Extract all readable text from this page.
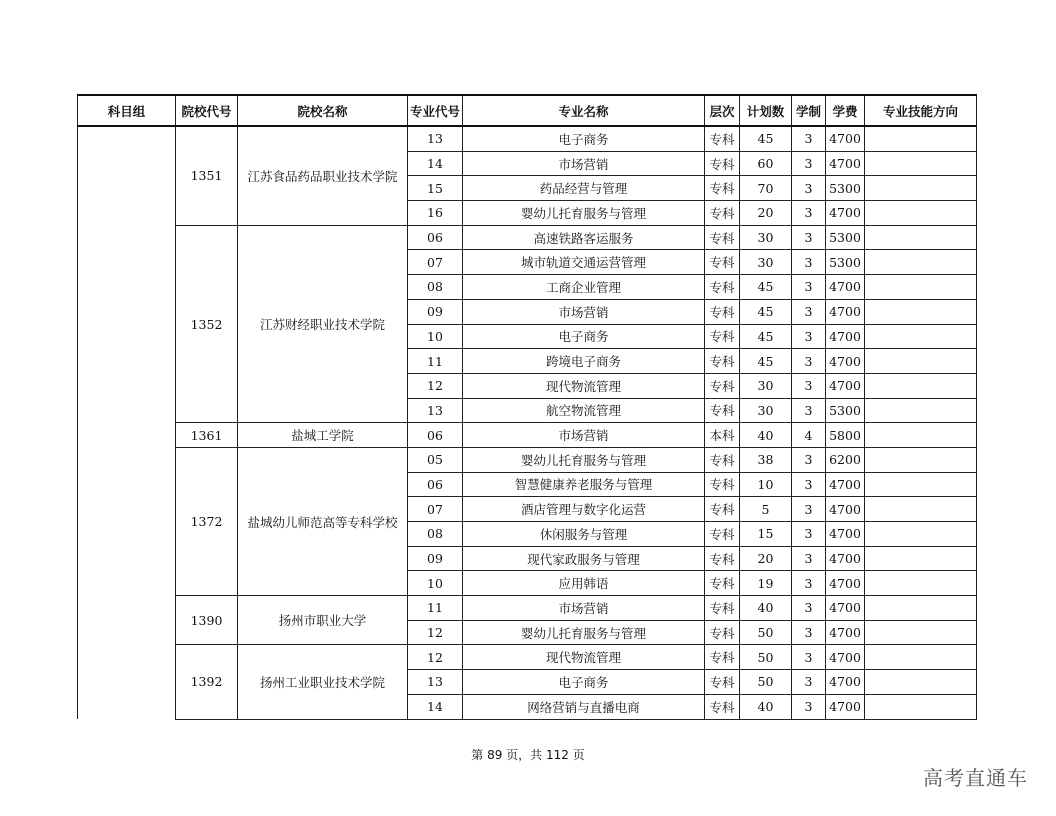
科目组	院校代号	院校名称	专业代号	专业名称	层次	计划数	学制	学费	专业技能方向
	1351	江苏食品药品职业技术学院	13	电子商务	专科	45	3	4700	
			14	市场营销	专科	60	3	4700	
			15	药品经营与管理	专科	70	3	5300	
			16	婴幼儿托育服务与管理	专科	20	3	4700	
	1352	江苏财经职业技术学院	06	高速铁路客运服务	专科	30	3	5300	
			07	城市轨道交通运营管理	专科	30	3	5300	
			08	工商企业管理	专科	45	3	4700	
			09	市场营销	专科	45	3	4700	
			10	电子商务	专科	45	3	4700	
			11	跨境电子商务	专科	45	3	4700	
			12	现代物流管理	专科	30	3	4700	
			13	航空物流管理	专科	30	3	5300	
	1361	盐城工学院	06	市场营销	本科	40	4	5800	
	1372	盐城幼儿师范高等专科学校	05	婴幼儿托育服务与管理	专科	38	3	6200	
			06	智慧健康养老服务与管理	专科	10	3	4700	
			07	酒店管理与数字化运营	专科	5	3	4700	
			08	休闲服务与管理	专科	15	3	4700	
			09	现代家政服务与管理	专科	20	3	4700	
			10	应用韩语	专科	19	3	4700	
	1390	扬州市职业大学	11	市场营销	专科	40	3	4700	
			12	婴幼儿托育服务与管理	专科	50	3	4700	
	1392	扬州工业职业技术学院	12	现代物流管理	专科	50	3	4700	
			13	电子商务	专科	50	3	4700	
			14	网络营销与直播电商	专科	40	3	4700	
第 89 页，共 112 页
高考直通车
